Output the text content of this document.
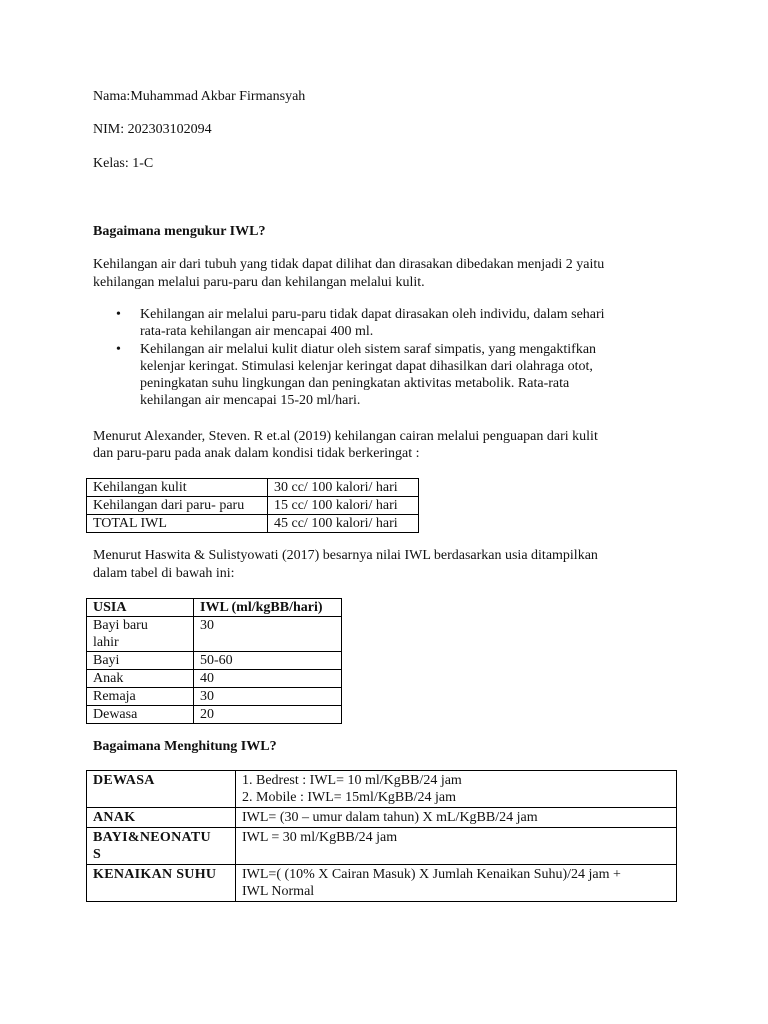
Nama:Muhammad Akbar Firmansyah
NIM: 202303102094
Kelas: 1-C
Bagaimana mengukur IWL?
Kehilangan air dari tubuh yang tidak dapat dilihat dan dirasakan dibedakan menjadi 2 yaitu
kehilangan melalui paru-paru dan kehilangan melalui kulit.
• Kehilangan air melalui paru-paru tidak dapat dirasakan oleh individu, dalam sehari
rata-rata kehilangan air mencapai 400 ml.
• Kehilangan air melalui kulit diatur oleh sistem saraf simpatis, yang mengaktifkan
kelenjar keringat. Stimulasi kelenjar keringat dapat dihasilkan dari olahraga otot,
peningkatan suhu lingkungan dan peningkatan aktivitas metabolik. Rata-rata
kehilangan air mencapai 15-20 ml/hari.
Menurut Alexander, Steven. R et.al (2019) kehilangan cairan melalui penguapan dari kulit
dan paru-paru pada anak dalam kondisi tidak berkeringat :
Kehilangan kulit	30 cc/ 100 kalori/ hari
Kehilangan dari paru- paru	15 cc/ 100 kalori/ hari
TOTAL IWL	45 cc/ 100 kalori/ hari
Menurut Haswita & Sulistyowati (2017) besarnya nilai IWL berdasarkan usia ditampilkan
dalam tabel di bawah ini:
USIA	IWL (ml/kgBB/hari)
Bayi baru
lahir	30
Bayi	50-60
Anak	40
Remaja	30
Dewasa	20
Bagaimana Menghitung IWL?
DEWASA	1. Bedrest : IWL= 10 ml/KgBB/24 jam
2. Mobile : IWL= 15ml/KgBB/24 jam

ANAK	IWL= (30 – umur dalam tahun) X mL/KgBB/24 jam

BAYI&NEONATU
S	IWL = 30 ml/KgBB/24 jam

KENAIKAN SUHU	IWL=( (10% X Cairan Masuk) X Jumlah Kenaikan Suhu)/24 jam +
IWL Normal
